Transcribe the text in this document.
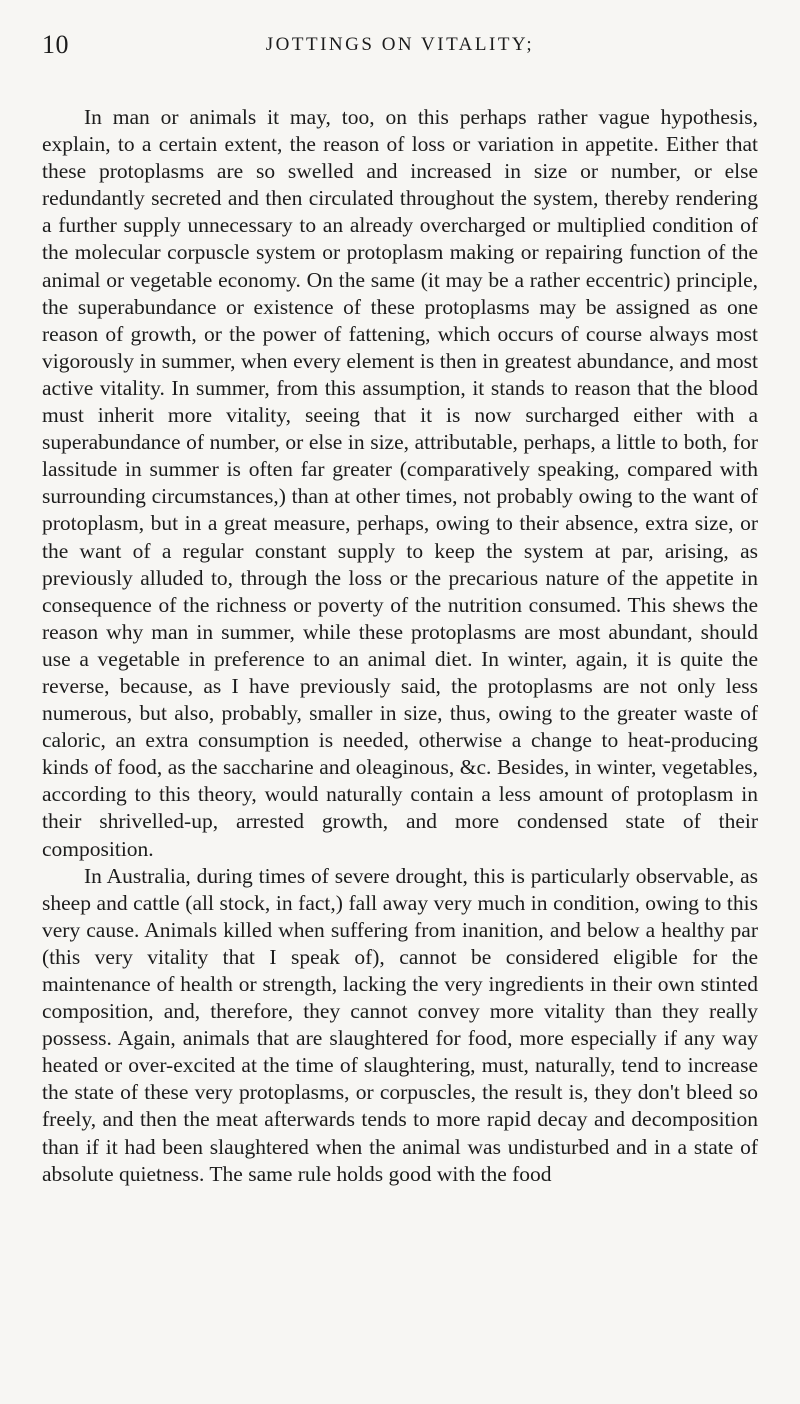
10	JOTTINGS ON VITALITY;

In man or animals it may, too, on this perhaps rather vague hypothesis, explain, to a certain extent, the reason of loss or variation in appetite. Either that these protoplasms are so swelled and increased in size or number, or else redundantly secreted and then circulated throughout the system, thereby rendering a further supply unnecessary to an already overcharged or multiplied condition of the molecular corpuscle system or protoplasm making or repairing function of the animal or vegetable economy. On the same (it may be a rather eccentric) principle, the superabundance or existence of these protoplasms may be assigned as one reason of growth, or the power of fattening, which occurs of course always most vigorously in summer, when every element is then in greatest abundance, and most active vitality. In summer, from this assumption, it stands to reason that the blood must inherit more vitality, seeing that it is now surcharged either with a superabundance of number, or else in size, attributable, perhaps, a little to both, for lassitude in summer is often far greater (comparatively speaking, compared with surrounding circumstances,) than at other times, not probably owing to the want of protoplasm, but in a great measure, perhaps, owing to their absence, extra size, or the want of a regular constant supply to keep the system at par, arising, as previously alluded to, through the loss or the precarious nature of the appetite in consequence of the richness or poverty of the nutrition consumed. This shews the reason why man in summer, while these protoplasms are most abundant, should use a vegetable in preference to an animal diet. In winter, again, it is quite the reverse, because, as I have previously said, the protoplasms are not only less numerous, but also, probably, smaller in size, thus, owing to the greater waste of caloric, an extra consumption is needed, otherwise a change to heat-producing kinds of food, as the saccharine and oleaginous, &c. Besides, in winter, vegetables, according to this theory, would naturally contain a less amount of protoplasm in their shrivelled-up, arrested growth, and more condensed state of their composition.

In Australia, during times of severe drought, this is particularly observable, as sheep and cattle (all stock, in fact,) fall away very much in condition, owing to this very cause. Animals killed when suffering from inanition, and below a healthy par (this very vitality that I speak of), cannot be considered eligible for the maintenance of health or strength, lacking the very ingredients in their own stinted composition, and, therefore, they cannot convey more vitality than they really possess. Again, animals that are slaughtered for food, more especially if any way heated or over-excited at the time of slaughtering, must, naturally, tend to increase the state of these very protoplasms, or corpuscles, the result is, they don't bleed so freely, and then the meat afterwards tends to more rapid decay and decomposition than if it had been slaughtered when the animal was undisturbed and in a state of absolute quietness. The same rule holds good with the food
